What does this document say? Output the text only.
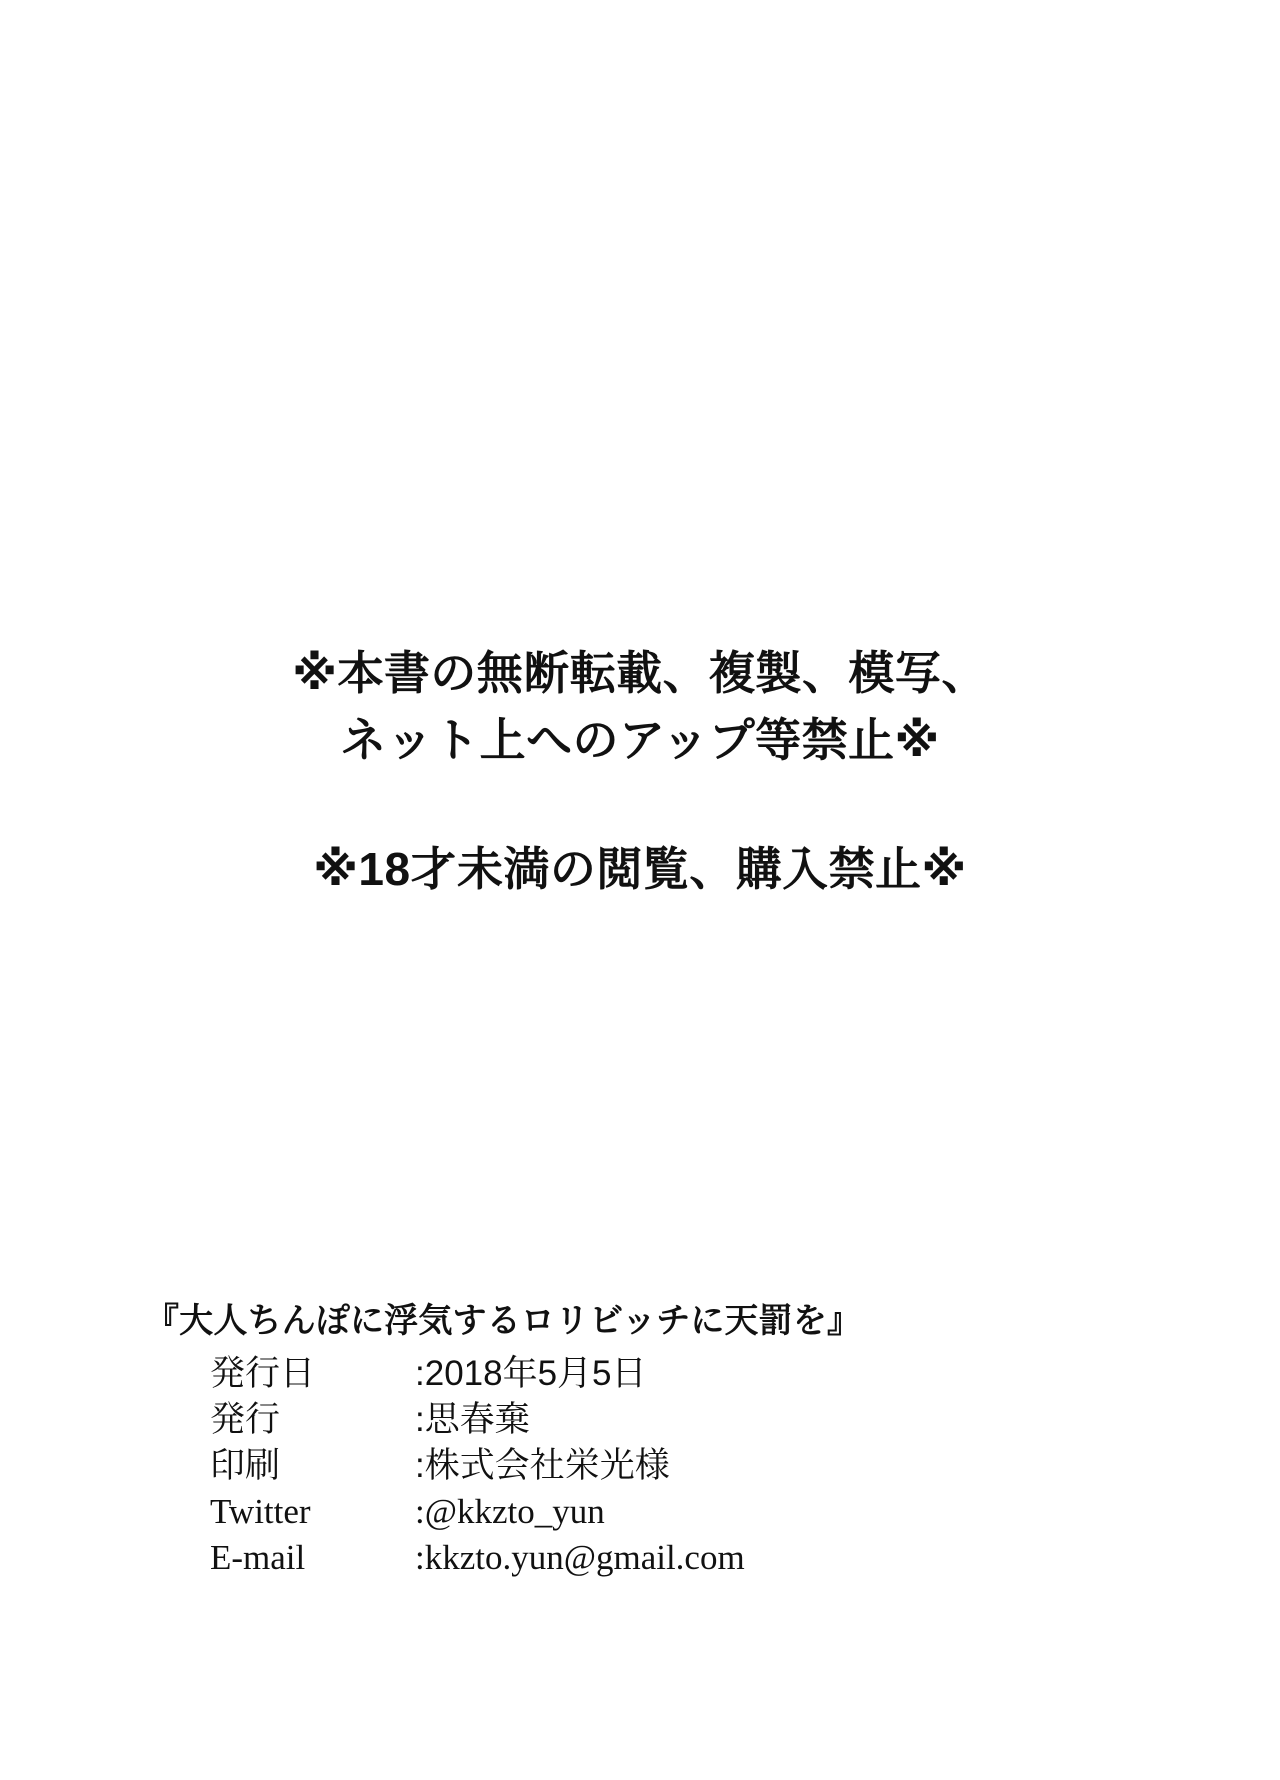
※本書の無断転載、複製、模写、
ネット上へのアップ等禁止※
※18才未満の閲覧、購入禁止※
『大人ちんぽに浮気するロリビッチに天罰を』
発行日	:2018年5月5日
発行	:思春棄
印刷	:株式会社栄光様
Twitter	:@kkzto_yun
E-mail	:kkzto.yun@gmail.com
